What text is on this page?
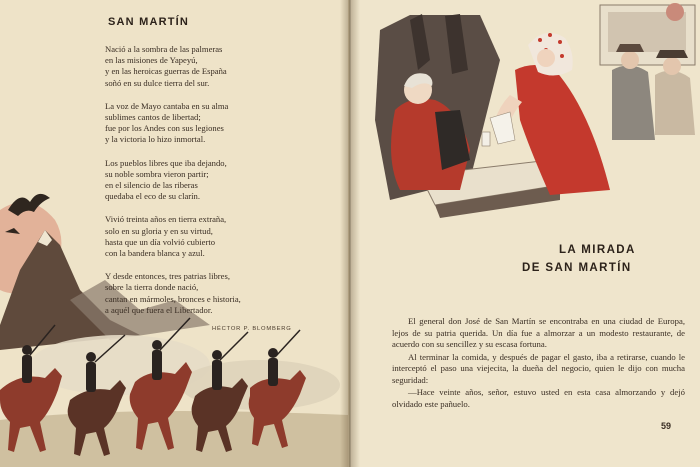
SAN MARTÍN
Nació a la sombra de las palmeras
en las misiones de Yapeyú,
y en las heroicas guerras de España
soñó en su dulce tierra del sur.
La voz de Mayo cantaba en su alma
sublimes cantos de libertad;
fue por los Andes con sus legiones
y la victoria lo hizo inmortal.
Los pueblos libres que iba dejando,
su noble sombra vieron partir;
en el silencio de las riberas
quedaba el eco de su clarín.
Vivió treinta años en tierra extraña,
solo en su gloria y en su virtud,
hasta que un día volvió cubierto
con la bandera blanca y azul.
Y desde entonces, tres patrias libres,
sobre la tierra donde nació,
cantan en mármoles, bronces e historia,
a aquél que fuera el Libertador.
HÉCTOR P. BLOMBERG
LA MIRADA
DE SAN MARTÍN

El general don José de San Martín se encontraba en una ciudad de Europa, lejos de su patria querida. Un día fue a almorzar a un modesto restaurante, de acuerdo con su sencillez y su escasa fortuna.

Al terminar la comida, y después de pagar el gasto, iba a retirarse, cuando le interceptó el paso una viejecita, la dueña del negocio, quien le dijo con mucha seguridad:

—Hace veinte años, señor, estuvo usted en esta casa almorzando y dejó olvidado este pañuelo.

59
